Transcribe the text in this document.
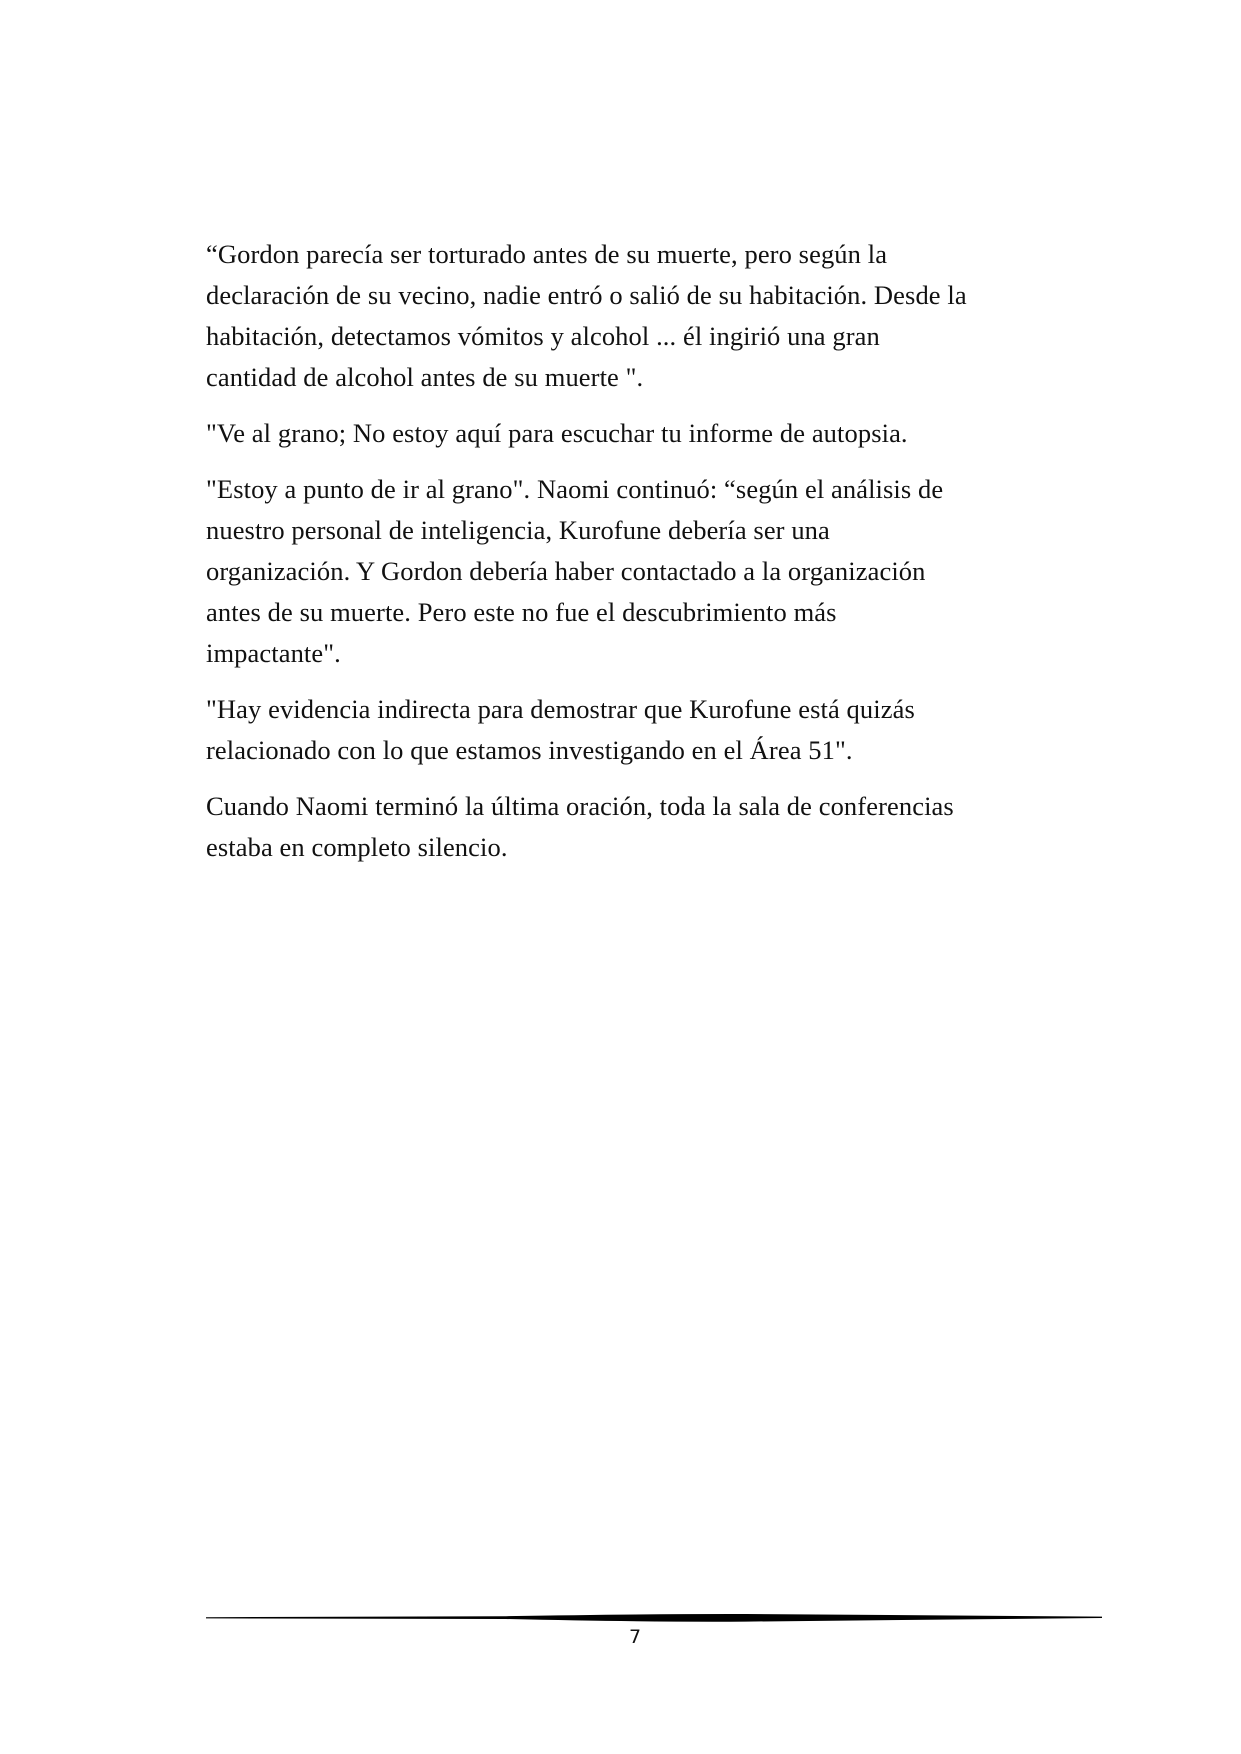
“Gordon parecía ser torturado antes de su muerte, pero según la
declaración de su vecino, nadie entró o salió de su habitación. Desde la
habitación, detectamos vómitos y alcohol ... él ingirió una gran
cantidad de alcohol antes de su muerte ".

"Ve al grano; No estoy aquí para escuchar tu informe de autopsia.

"Estoy a punto de ir al grano". Naomi continuó: “según el análisis de
nuestro personal de inteligencia, Kurofune debería ser una
organización. Y Gordon debería haber contactado a la organización
antes de su muerte. Pero este no fue el descubrimiento más
impactante".

"Hay evidencia indirecta para demostrar que Kurofune está quizás
relacionado con lo que estamos investigando en el Área 51".

Cuando Naomi terminó la última oración, toda la sala de conferencias
estaba en completo silencio.

7
